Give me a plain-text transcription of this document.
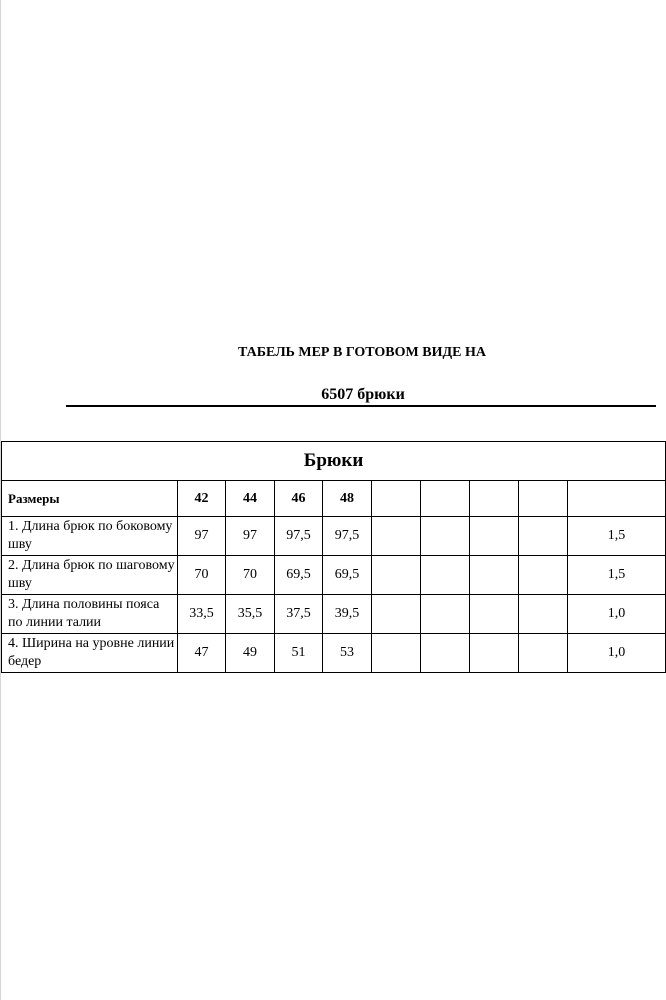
ТАБЕЛЬ МЕР В ГОТОВОМ ВИДЕ НА
6507 брюки
Брюки									
Размеры	42	44	46	48					
1. Длина брюк по боковому шву	97	97	97,5	97,5					1,5
2. Длина брюк по шаговому шву	70	70	69,5	69,5					1,5
3. Длина половины пояса по линии талии	33,5	35,5	37,5	39,5					1,0
4. Ширина на уровне линии бедер	47	49	51	53					1,0
